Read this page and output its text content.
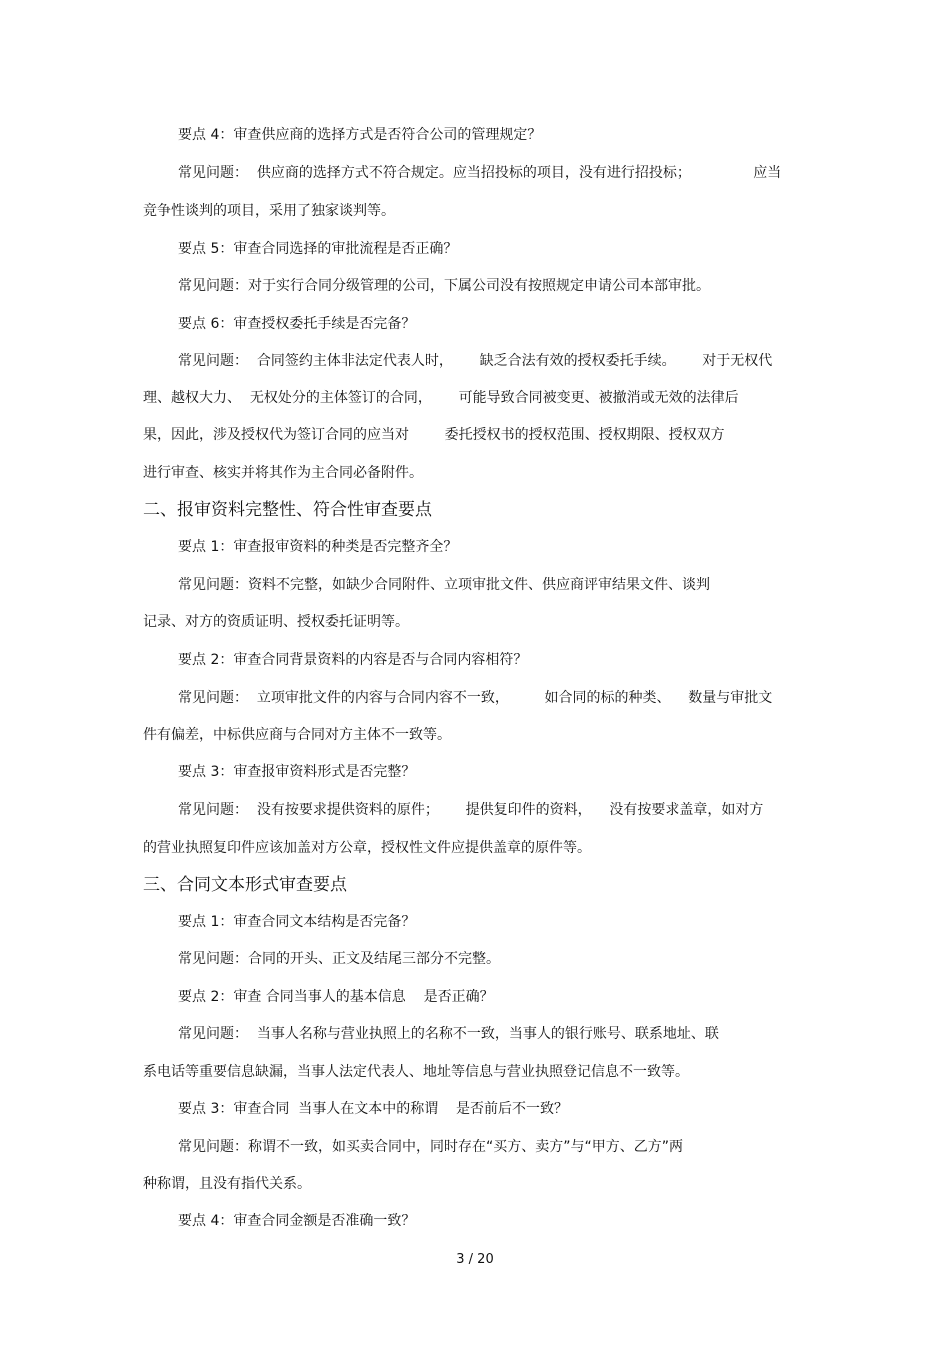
要点 4：审查供应商的选择方式是否符合公司的管理规定？
常见问题：  供应商的选择方式不符合规定。应当招投标的项目，没有进行招投标；              应当
竞争性谈判的项目，采用了独家谈判等。
要点 5：审查合同选择的审批流程是否正确？
常见问题：对于实行合同分级管理的公司，下属公司没有按照规定申请公司本部审批。
要点 6：审查授权委托手续是否完备？
常见问题：  合同签约主体非法定代表人时，      缺乏合法有效的授权委托手续。      对于无权代
理、越权大力、  无权处分的主体签订的合同，      可能导致合同被变更、被撤消或无效的法律后
果，因此，涉及授权代为签订合同的应当对        委托授权书的授权范围、授权期限、授权双方
进行审查、核实并将其作为主合同必备附件。
二、报审资料完整性、符合性审查要点
要点 1：审查报审资料的种类是否完整齐全？
常见问题：资料不完整，如缺少合同附件、立项审批文件、供应商评审结果文件、谈判
记录、对方的资质证明、授权委托证明等。
要点 2：审查合同背景资料的内容是否与合同内容相符？
常见问题：  立项审批文件的内容与合同内容不一致，        如合同的标的种类、    数量与审批文
件有偏差，中标供应商与合同对方主体不一致等。
要点 3：审查报审资料形式是否完整？
常见问题：  没有按要求提供资料的原件；      提供复印件的资料，    没有按要求盖章，如对方
的营业执照复印件应该加盖对方公章，授权性文件应提供盖章的原件等。
三、合同文本形式审查要点
要点 1：审查合同文本结构是否完备？
常见问题：合同的开头、正文及结尾三部分不完整。
要点 2：审查 合同当事人的基本信息    是否正确？
常见问题：  当事人名称与营业执照上的名称不一致，当事人的银行账号、联系地址、联
系电话等重要信息缺漏，当事人法定代表人、地址等信息与营业执照登记信息不一致等。
要点 3：审查合同  当事人在文本中的称谓    是否前后不一致？
常见问题：称谓不一致，如买卖合同中，同时存在“买方、卖方”与“甲方、乙方”两
种称谓，且没有指代关系。
要点 4：审查合同金额是否准确一致？
3 / 20
